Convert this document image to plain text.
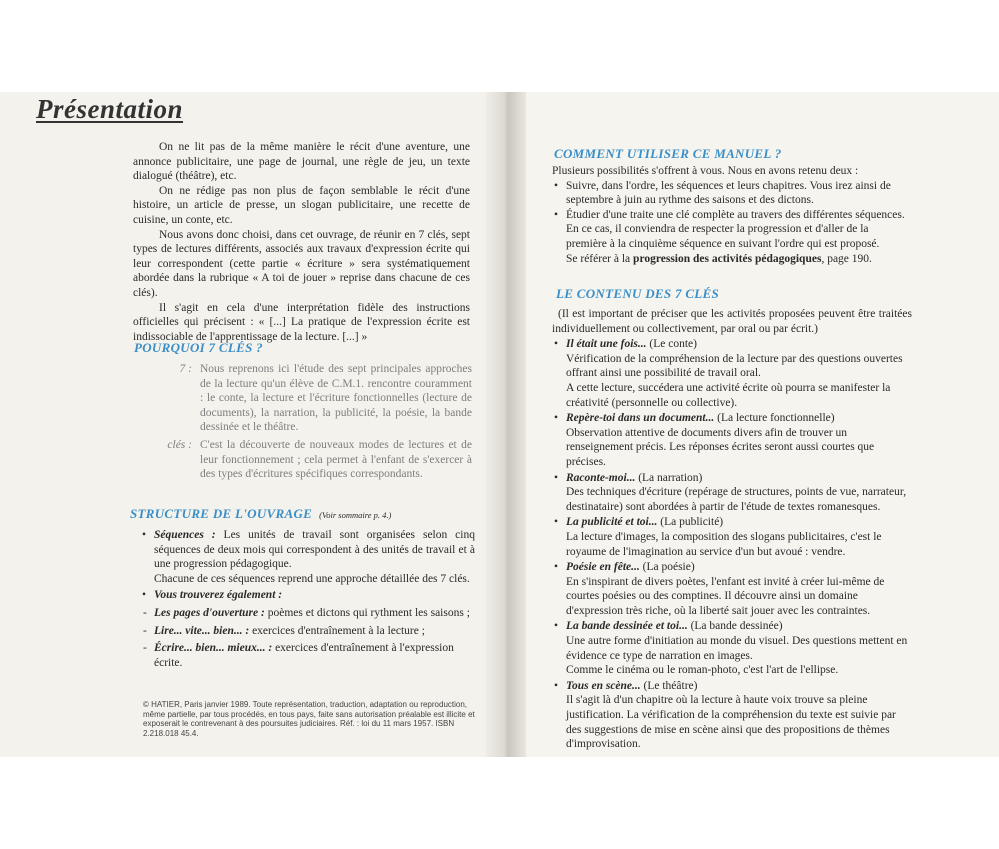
Présentation

On ne lit pas de la même manière le récit d'une aventure, une annonce publicitaire, une page de journal, une règle de jeu, un texte dialogué (théâtre), etc.

On ne rédige pas non plus de façon semblable le récit d'une histoire, un article de presse, un slogan publicitaire, une recette de cuisine, un conte, etc.

Nous avons donc choisi, dans cet ouvrage, de réunir en 7 clés, sept types de lectures différents, associés aux travaux d'expression écrite qui leur correspondent (cette partie « écriture » sera systématiquement abordée dans la rubrique « A toi de jouer » reprise dans chacune de ces clés).

Il s'agit en cela d'une interprétation fidèle des instructions officielles qui précisent : « [...] La pratique de l'expression écrite est indissociable de l'apprentissage de la lecture. [...] »

POURQUOI 7 CLÉS ?
7 : Nous reprenons ici l'étude des sept principales approches de la lecture qu'un élève de C.M.1. rencontre couramment : le conte, la lecture et l'écriture fonctionnelles (lecture de documents), la narration, la publicité, la poésie, la bande dessinée et le théâtre.
clés : C'est la découverte de nouveaux modes de lectures et de leur fonctionnement ; cela permet à l'enfant de s'exercer à des types d'écritures spécifiques correspondants.
STRUCTURE DE L'OUVRAGE (Voir sommaire p. 4.)
• Séquences : Les unités de travail sont organisées selon cinq séquences de deux mois qui correspondent à des unités de travail et à une progression pédagogique.
Chacune de ces séquences reprend une approche détaillée des 7 clés.
• Vous trouverez également :
- Les pages d'ouverture : poèmes et dictons qui rythment les saisons ;
- Lire... vite... bien... : exercices d'entraînement à la lecture ;
- Écrire... bien... mieux... : exercices d'entraînement à l'expression écrite.
© HATIER, Paris janvier 1989. Toute représentation, traduction, adaptation ou reproduction, même partielle, par tous procédés, en tous pays, faite sans autorisation préalable est illicite et exposerait le contrevenant à des poursuites judiciaires. Réf. : loi du 11 mars 1957. ISBN 2.218.018 45.4.
COMMENT UTILISER CE MANUEL ?
Plusieurs possibilités s'offrent à vous. Nous en avons retenu deux :
• Suivre, dans l'ordre, les séquences et leurs chapitres. Vous irez ainsi de septembre à juin au rythme des saisons et des dictons.
• Étudier d'une traite une clé complète au travers des différentes séquences. En ce cas, il conviendra de respecter la progression et d'aller de la première à la cinquième séquence en suivant l'ordre qui est proposé.
Se référer à la progression des activités pédagogiques, page 190.
LE CONTENU DES 7 CLÉS
(Il est important de préciser que les activités proposées peuvent être traitées individuellement ou collectivement, par oral ou par écrit.)
• Il était une fois... (Le conte)
Vérification de la compréhension de la lecture par des questions ouvertes offrant ainsi une possibilité de travail oral.
A cette lecture, succédera une activité écrite où pourra se manifester la créativité (personnelle ou collective).
• Repère-toi dans un document... (La lecture fonctionnelle)
Observation attentive de documents divers afin de trouver un renseignement précis. Les réponses écrites seront aussi courtes que précises.
• Raconte-moi... (La narration)
Des techniques d'écriture (repérage de structures, points de vue, narrateur, destinataire) sont abordées à partir de l'étude de textes romanesques.
• La publicité et toi... (La publicité)
La lecture d'images, la composition des slogans publicitaires, c'est le royaume de l'imagination au service d'un but avoué : vendre.
• Poésie en fête... (La poésie)
En s'inspirant de divers poètes, l'enfant est invité à créer lui-même de courtes poésies ou des comptines. Il découvre ainsi un domaine d'expression très riche, où la liberté sait jouer avec les contraintes.
• La bande dessinée et toi... (La bande dessinée)
Une autre forme d'initiation au monde du visuel. Des questions mettent en évidence ce type de narration en images.
Comme le cinéma ou le roman-photo, c'est l'art de l'ellipse.
• Tous en scène... (Le théâtre)
Il s'agit là d'un chapitre où la lecture à haute voix trouve sa pleine justification. La vérification de la compréhension du texte est suivie par des suggestions de mise en scène ainsi que des propositions de thèmes d'improvisation.
